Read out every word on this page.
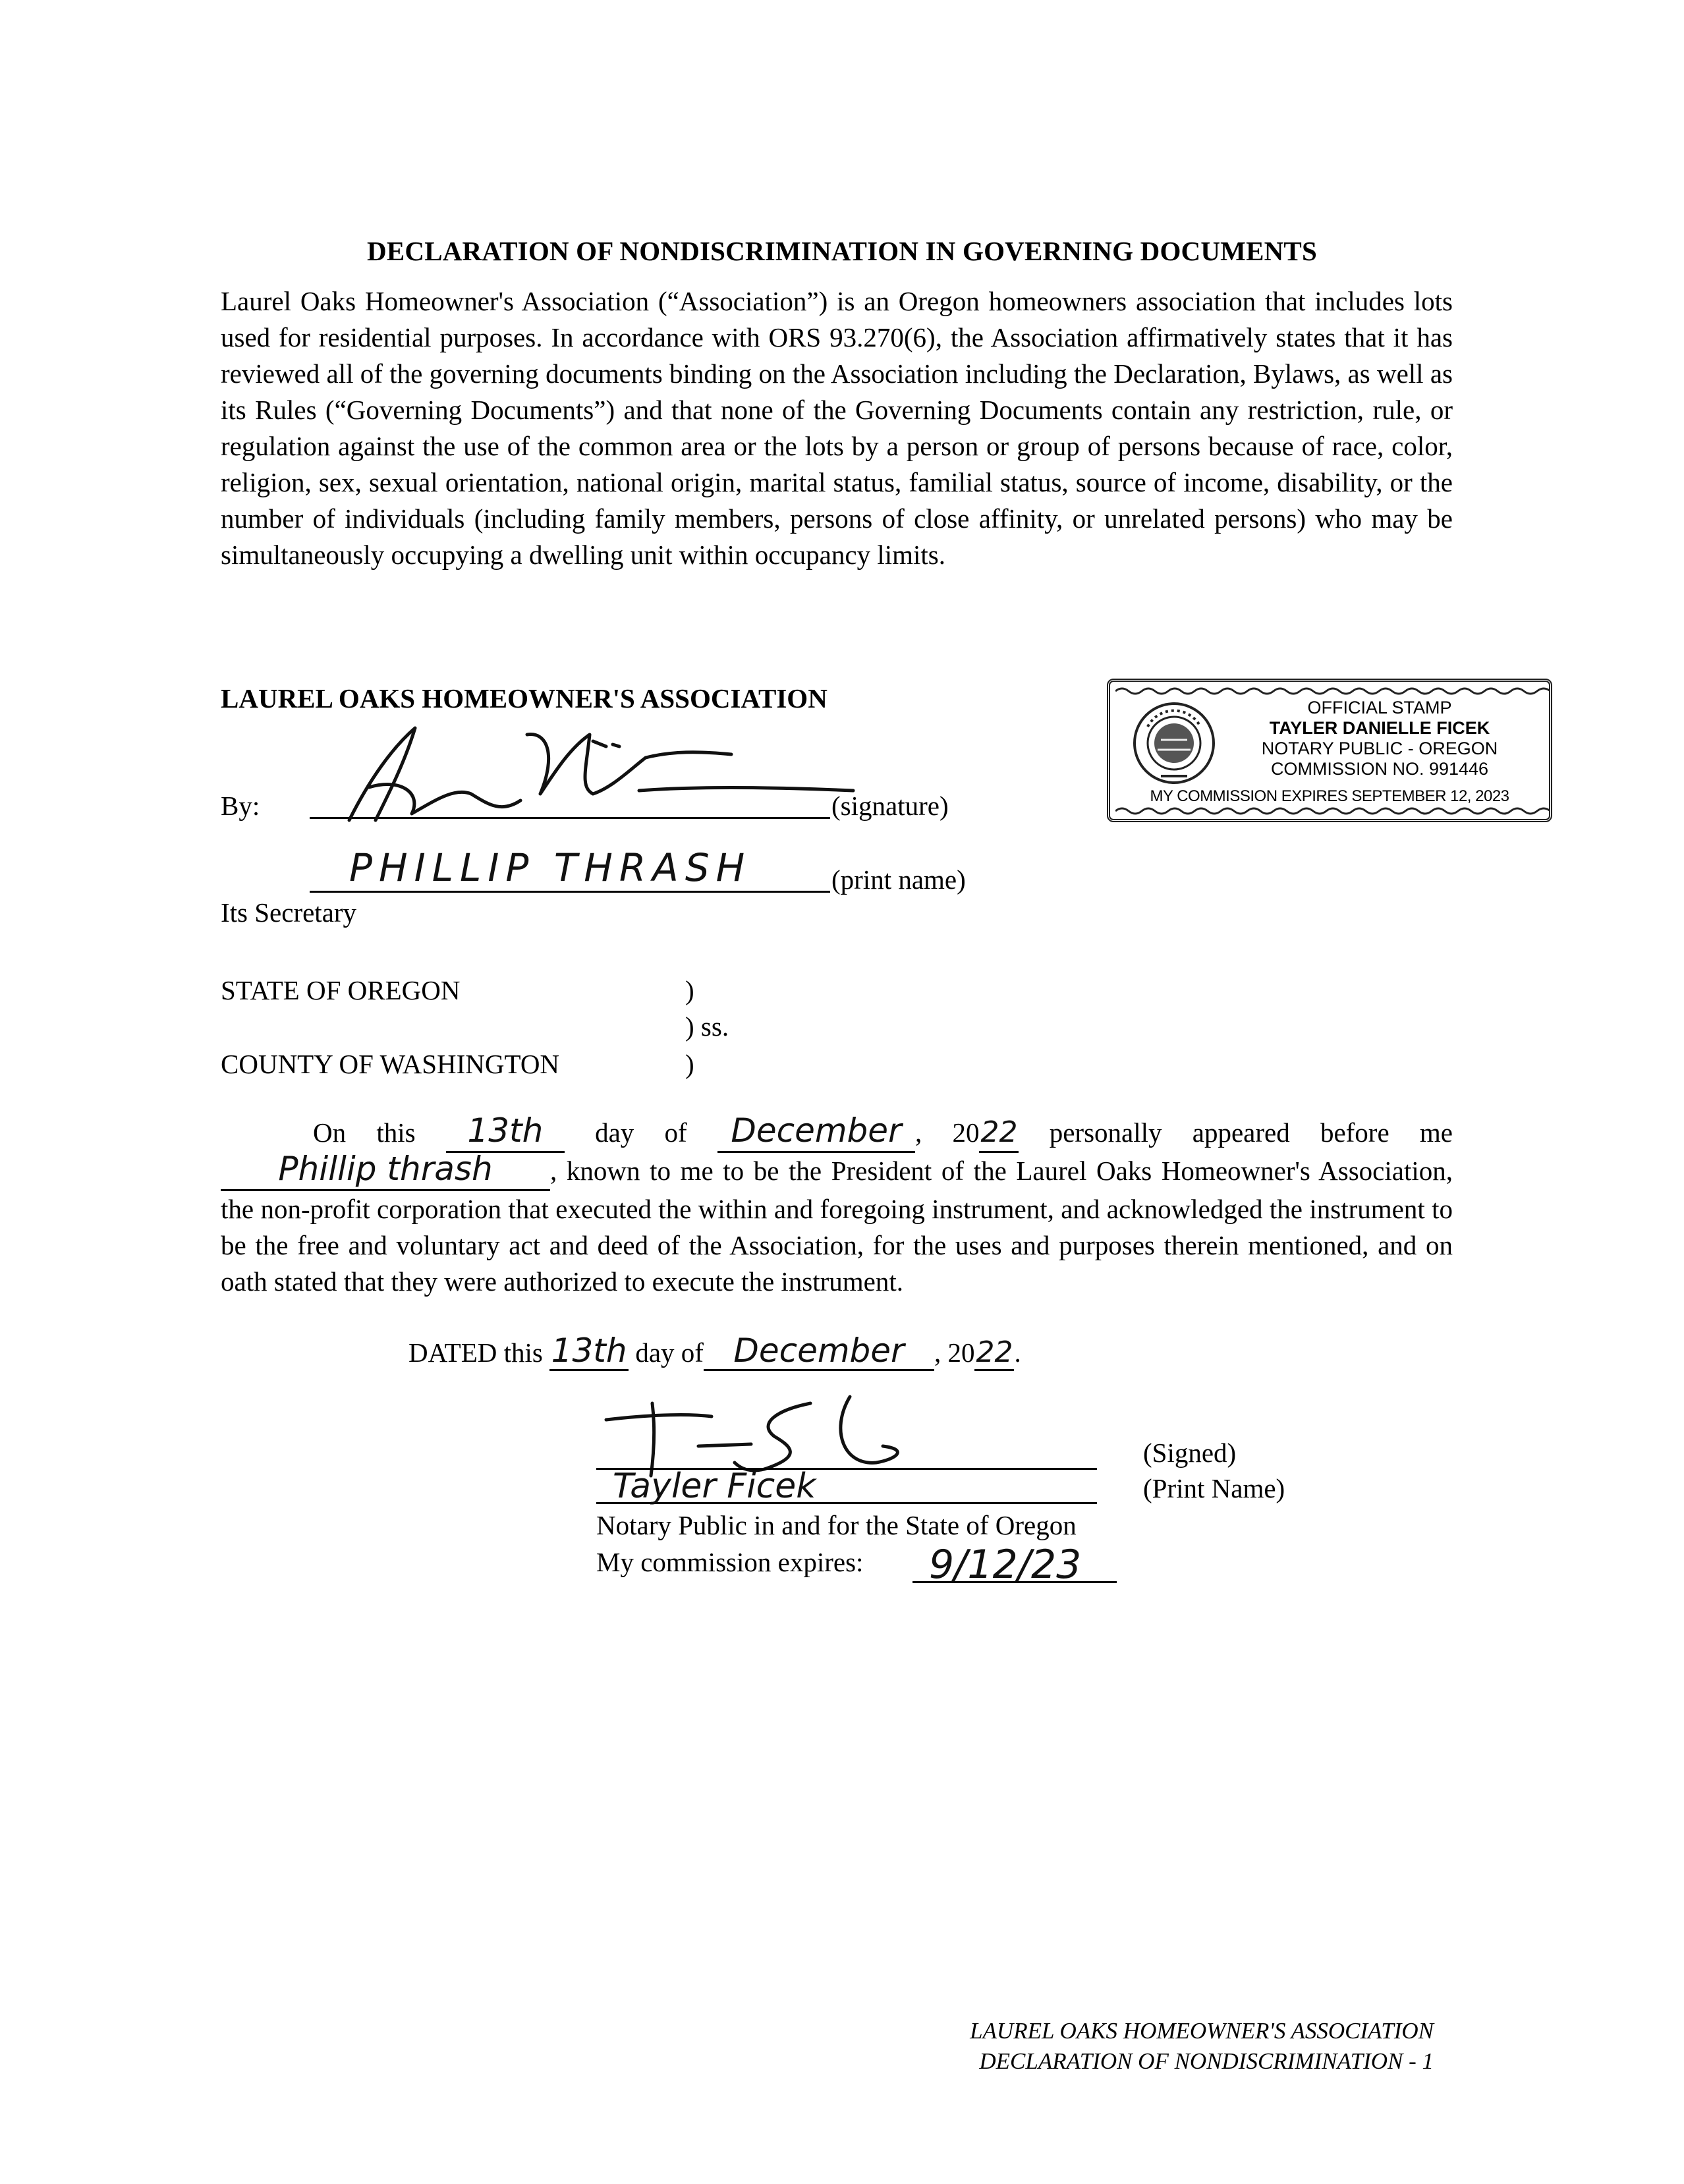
DECLARATION OF NONDISCRIMINATION IN GOVERNING DOCUMENTS

Laurel Oaks Homeowner's Association (“Association”) is an Oregon homeowners association that includes lots used for residential purposes. In accordance with ORS 93.270(6), the Association affirmatively states that it has reviewed all of the governing documents binding on the Association including the Declaration, Bylaws, as well as its Rules (“Governing Documents”) and that none of the Governing Documents contain any restriction, rule, or regulation against the use of the common area or the lots by a person or group of persons because of race, color, religion, sex, sexual orientation, national origin, marital status, familial status, source of income, disability, or the number of individuals (including family members, persons of close affinity, or unrelated persons) who may be simultaneously occupying a dwelling unit within occupancy limits.

LAUREL OAKS HOMEOWNER'S ASSOCIATION
By:	(signature)
PHILLIP THRASH	(print name)
Its Secretary
OFFICIAL STAMP
TAYLER DANIELLE FICEK
NOTARY PUBLIC - OREGON
COMMISSION NO. 991446
MY COMMISSION EXPIRES SEPTEMBER 12, 2023
STATE OF OREGON	)
) ss.
COUNTY OF WASHINGTON	)

On this 13th day of December , 2022 personally appeared before me Phillip thrash , known to me to be the President of the Laurel Oaks Homeowner's Association, the non-profit corporation that executed the within and foregoing instrument, and acknowledged the instrument to be the free and voluntary act and deed of the Association, for the uses and purposes therein mentioned, and on oath stated that they were authorized to execute the instrument.

DATED this 13th day of December , 2022.
(Signed)
Tayler Ficek	(Print Name)
Notary Public in and for the State of Oregon
My commission expires: 9/12/23
LAUREL OAKS HOMEOWNER'S ASSOCIATION
DECLARATION OF NONDISCRIMINATION - 1
